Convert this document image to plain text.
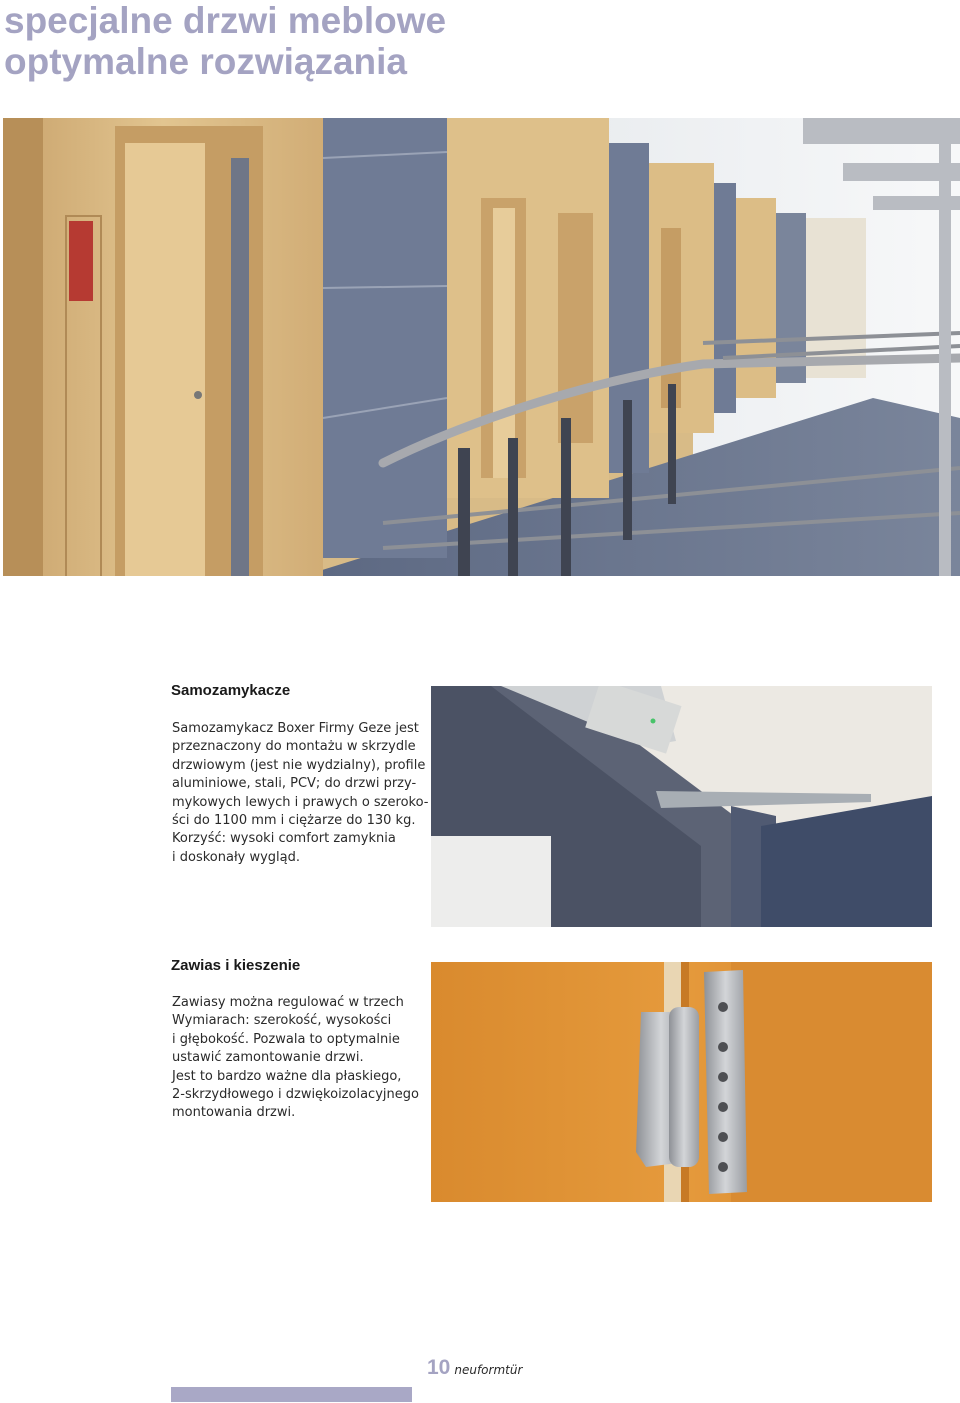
specjalne drzwi meblowe
optymalne rozwiązania
Samozamykacze

Samozamykacz Boxer Firmy Geze jest
przeznaczony do montażu w skrzydle
drzwiowym (jest nie wydzialny), profile
aluminiowe, stali, PCV; do drzwi przy-
mykowych lewych i prawych o szeroko-
ści do 1100 mm i ciężarze do 130 kg.
Korzyść: wysoki comfort zamyknia
i doskonały wygląd.

Zawias i kieszenie

Zawiasy można regulować w trzech
Wymiarach: szerokość, wysokości
i głębokość. Pozwala to optymalnie
ustawić zamontowanie drzwi.
Jest to bardzo ważne dla płaskiego,
2-skrzydłowego i dzwiękoizolacyjnego
montowania drzwi.

10 neuformtür
